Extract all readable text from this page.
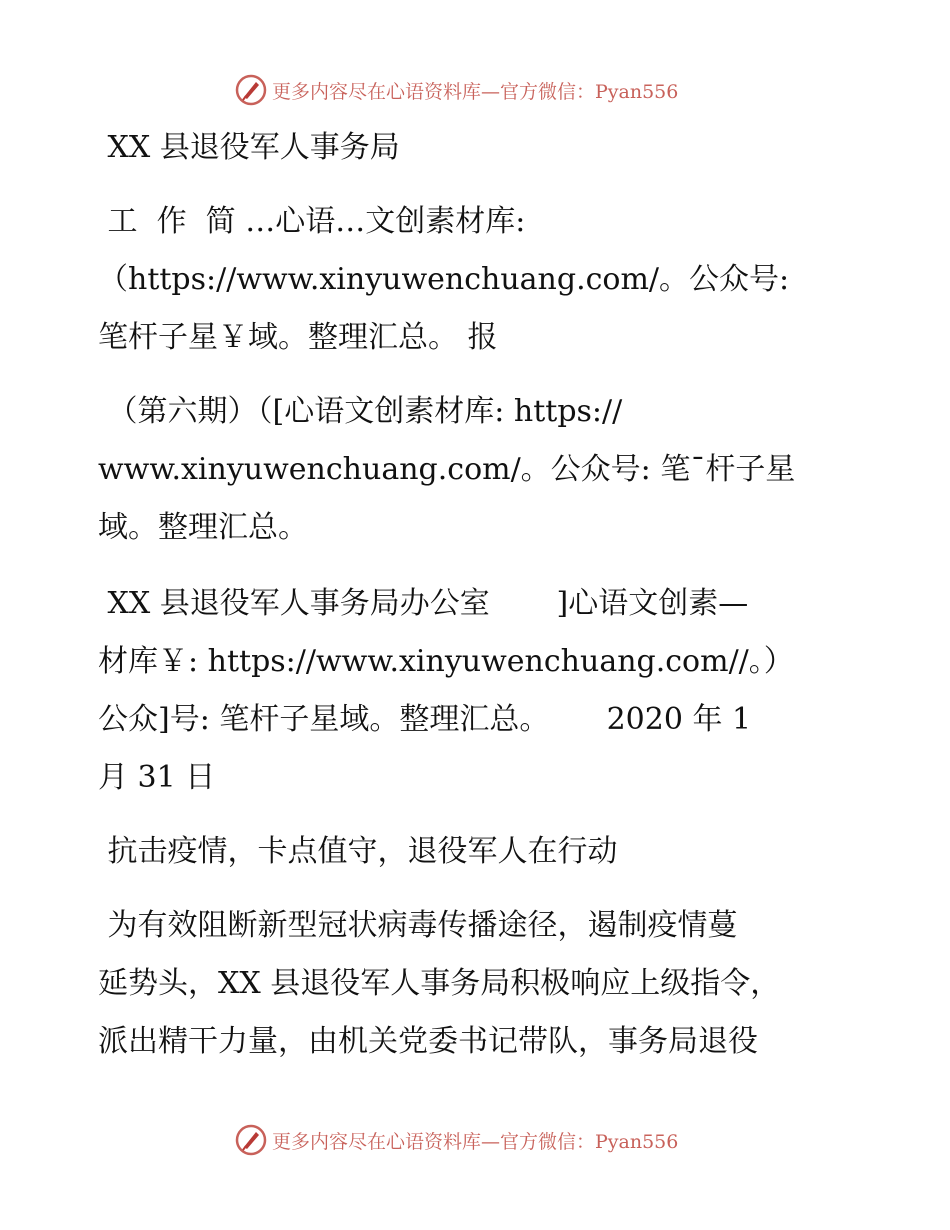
更多内容尽在心语资料库—官方微信：Pyan556
XX 县退役军人事务局
工  作  简 …心语…文创素材库:
（https://www.xinyuwenchuang.com/。公众号:
笔杆子星￥域。整理汇总。 报
（第六期）（[心语文创素材库: https://
www.xinyuwenchuang.com/。公众号: 笔¯杆子星
域。整理汇总。
XX 县退役军人事务局办公室       ]心语文创素—
材库￥: https://www.xinyuwenchuang.com//。）
公众]号: 笔杆子星域。整理汇总。      2020 年 1
月 31 日
抗击疫情，卡点值守，退役军人在行动
为有效阻断新型冠状病毒传播途径，遏制疫情蔓
延势头，XX 县退役军人事务局积极响应上级指令，
派出精干力量，由机关党委书记带队，事务局退役
更多内容尽在心语资料库—官方微信：Pyan556
